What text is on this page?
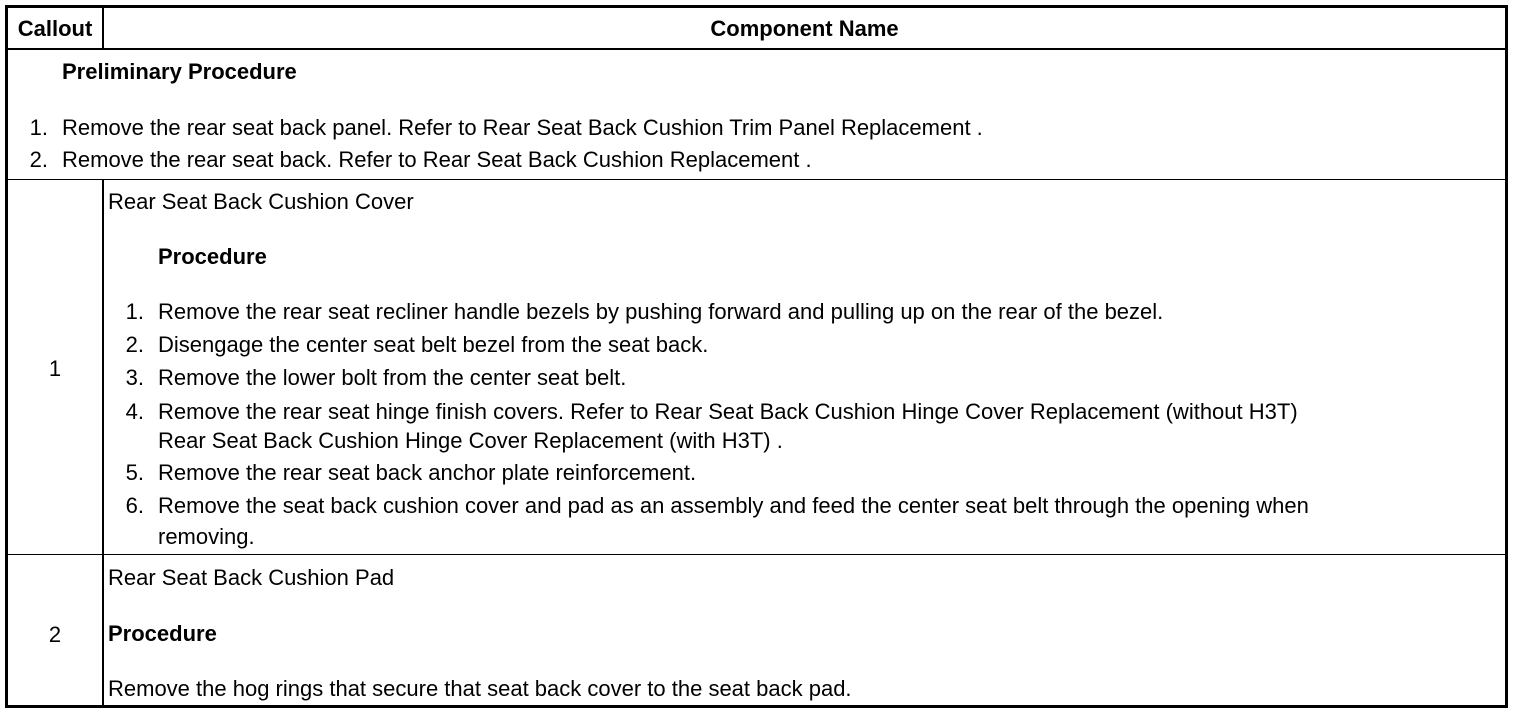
Callout	Component Name
Preliminary Procedure
1. Remove the rear seat back panel. Refer to Rear Seat Back Cushion Trim Panel Replacement .
2. Remove the rear seat back. Refer to Rear Seat Back Cushion Replacement .
1
Rear Seat Back Cushion Cover
Procedure
1. Remove the rear seat recliner handle bezels by pushing forward and pulling up on the rear of the bezel.
2. Disengage the center seat belt bezel from the seat back.
3. Remove the lower bolt from the center seat belt.
4. Remove the rear seat hinge finish covers. Refer to Rear Seat Back Cushion Hinge Cover Replacement (without H3T)
Rear Seat Back Cushion Hinge Cover Replacement (with H3T) .
5. Remove the rear seat back anchor plate reinforcement.
6. Remove the seat back cushion cover and pad as an assembly and feed the center seat belt through the opening when
removing.
2
Rear Seat Back Cushion Pad
Procedure
Remove the hog rings that secure that seat back cover to the seat back pad.
